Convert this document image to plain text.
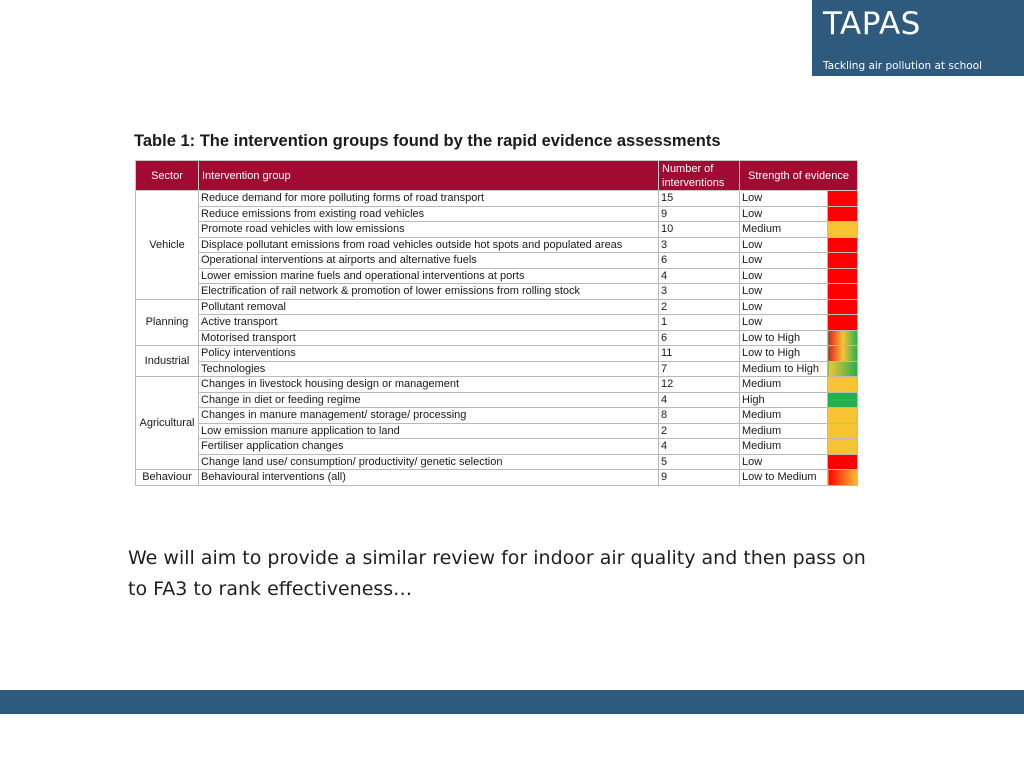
TAPAS
Tackling air pollution at school
Table 1: The intervention groups found by the rapid evidence assessments
Sector	Intervention group	Number of interventions	Strength of evidence	
Vehicle	Reduce demand for more polluting forms of road transport	15	Low	
	Reduce emissions from existing road vehicles	9	Low	
	Promote road vehicles with low emissions	10	Medium	
	Displace pollutant emissions from road vehicles outside hot spots and populated areas	3	Low	
	Operational interventions at airports and alternative fuels	6	Low	
	Lower emission marine fuels and operational interventions at ports	4	Low	
	Electrification of rail network & promotion of lower emissions from rolling stock	3	Low	
Planning	Pollutant removal	2	Low	
	Active transport	1	Low	
	Motorised transport	6	Low to High	
Industrial	Policy interventions	11	Low to High	
	Technologies	7	Medium to High	
Agricultural	Changes in livestock housing design or management	12	Medium	
	Change in diet or feeding regime	4	High	
	Changes in manure management/ storage/ processing	8	Medium	
	Low emission manure application to land	2	Medium	
	Fertiliser application changes	4	Medium	
	Change land use/ consumption/ productivity/ genetic selection	5	Low	
Behaviour	Behavioural interventions (all)	9	Low to Medium	
We will aim to provide a similar review for indoor air quality and then pass on to FA3 to rank effectiveness…
